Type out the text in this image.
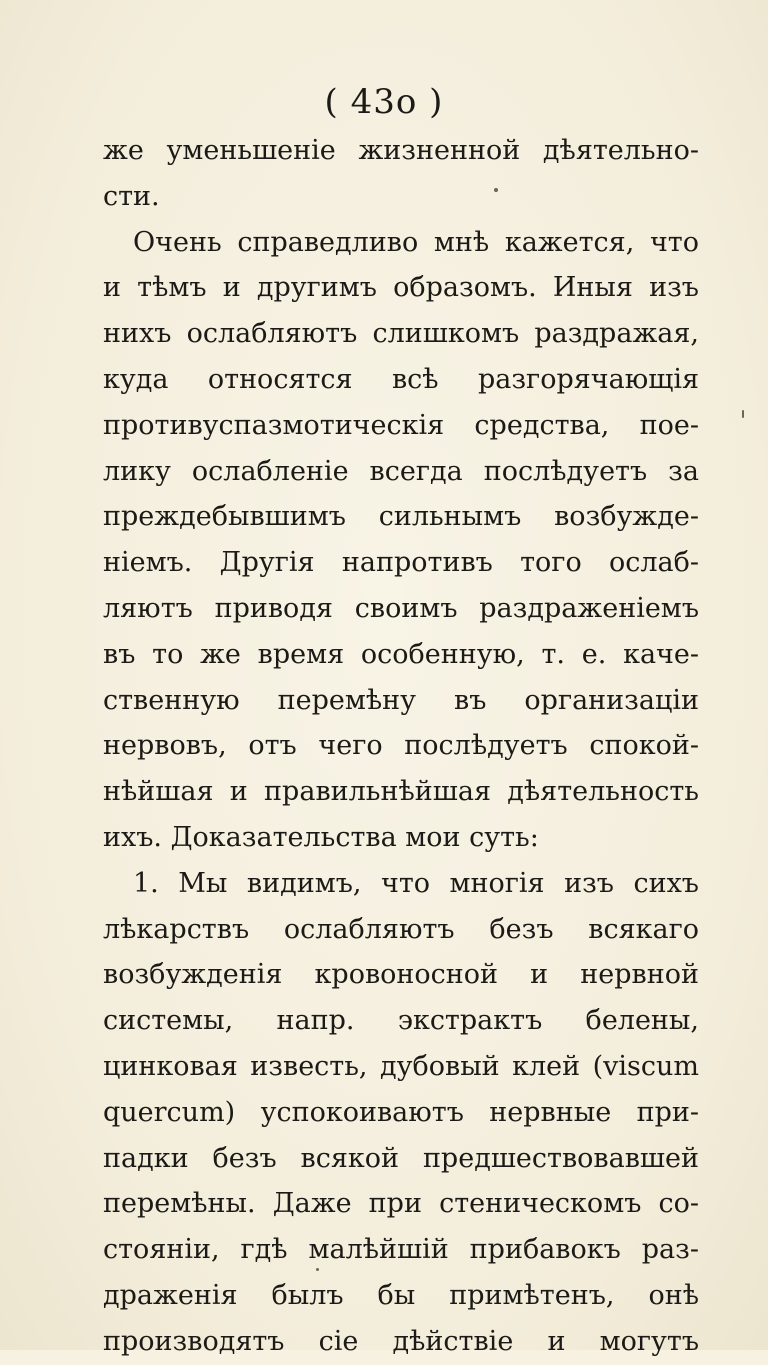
( 43о )
же уменьшенiе жизненной дѣятельно-
сти.
Очень справедливо мнѣ кажется, что
и тѣмъ и другимъ образомъ. Иныя изъ
нихъ ослабляютъ слишкомъ раздражая,
куда относятся всѣ разгорячающiя
противуспазмотическiя средства, пое-
лику ослабленiе всегда послѣдуетъ за
преждебывшимъ сильнымъ возбужде-
нiемъ. Другiя напротивъ того ослаб-
ляютъ приводя своимъ раздраженiемъ
въ то же время особенную, т. е. каче-
ственную перемѣну въ организацiи
нервовъ, отъ чего послѣдуетъ спокой-
нѣйшая и правильнѣйшая дѣятельность
ихъ. Доказательства мои суть:
1. Мы видимъ, что многiя изъ сихъ
лѣкарствъ ослабляютъ безъ всякаго
возбужденiя кровоносной и нервной
системы, напр. экстрактъ белены,
цинковая известь, дубовый клей (viscum
quercum) успокоиваютъ нервные при-
падки безъ всякой предшествовавшей
перемѣны. Даже при стеническомъ со-
стоянiи, гдѣ малѣйшiй прибавокъ раз-
драженiя былъ бы примѣтенъ, онѣ
производятъ сiе дѣйствiе и могутъ
